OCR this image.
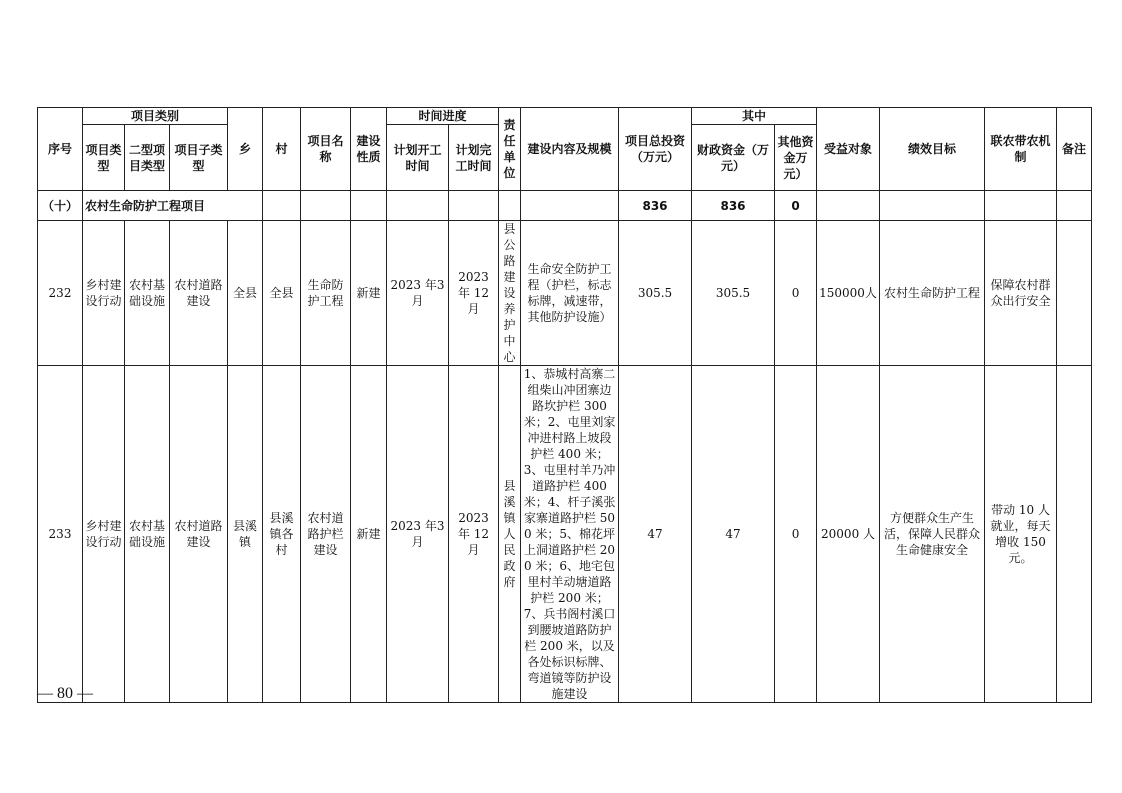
序号	项目类别			乡	村	项目名称	建设性质	时间进度		责任单位	建设内容及规模	项目总投资（万元）	其中		受益对象	绩效目标	联农带农机制	备注
	项目类型	二型项目类型	项目子类型					计划开工时间	计划完工时间				财政资金（万元）	其他资金万元）				
（十）	农村生命防护工程项目											836	836	0				
232	乡村建设行动	农村基础设施	农村道路建设	全县	全县	生命防护工程	新建	2023 年3月	2023 年 12 月	县公路建设养护中心	生命安全防护工程（护栏，标志标牌，减速带，其他防护设施）	305.5	305.5	0	150000人	农村生命防护工程	保障农村群众出行安全	
233	乡村建设行动	农村基础设施	农村道路建设	县溪镇	县溪镇各村	农村道路护栏建设	新建	2023 年3月	2023 年 12 月	县溪镇人民政府	1、恭城村高寨二组柴山冲团寨边路坎护栏 300 米；2、屯里刘家冲进村路上坡段护栏 400 米；3、屯里村羊乃冲道路护栏 400 米；4、杆子溪张家寨道路护栏 500 米；5、棉花坪上洞道路护栏 200 米；6、地宅包里村羊动塘道路护栏 200 米；7、兵书阁村溪口到腰坡道路防护栏 200 米，以及各处标识标牌、弯道镜等防护设施建设	47	47	0	20000 人	方便群众生产生活，保障人民群众生命健康安全	带动 10 人就业，每天增收 150 元。	
— 80 —
